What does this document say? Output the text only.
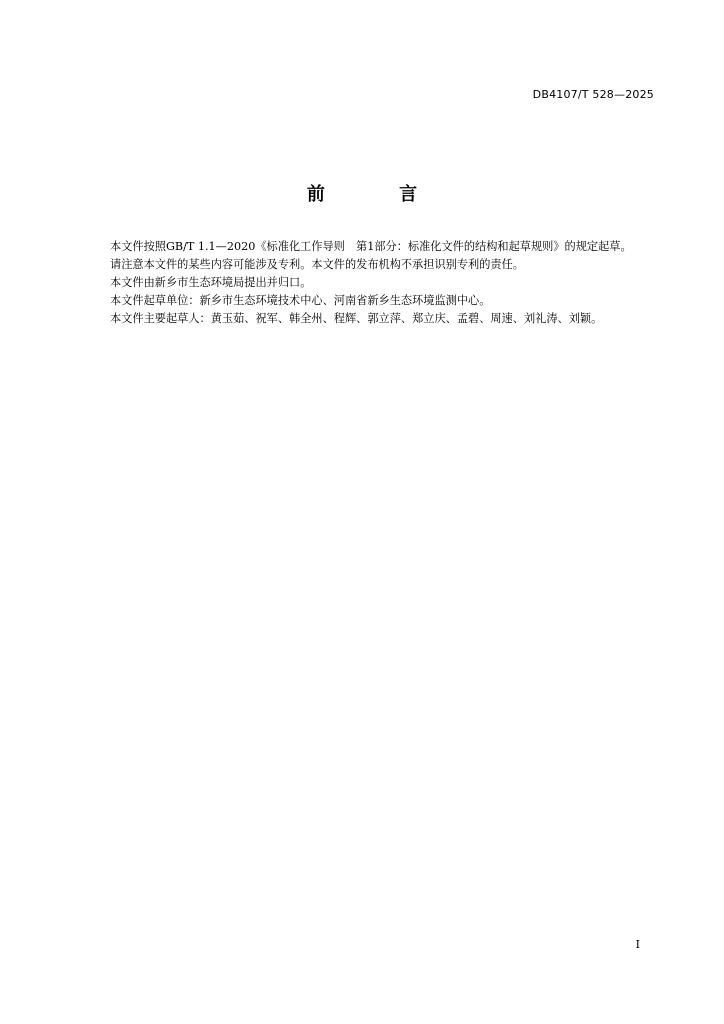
DB4107/T 528—2025
前 言

本文件按照GB/T 1.1—2020《标准化工作导则　第1部分：标准化文件的结构和起草规则》的规定起草。

请注意本文件的某些内容可能涉及专利。本文件的发布机构不承担识别专利的责任。

本文件由新乡市生态环境局提出并归口。

本文件起草单位：新乡市生态环境技术中心、河南省新乡生态环境监测中心。

本文件主要起草人：黄玉茹、祝军、韩全州、程辉、郭立萍、郑立庆、孟碧、周速、刘礼涛、刘颖。

I
